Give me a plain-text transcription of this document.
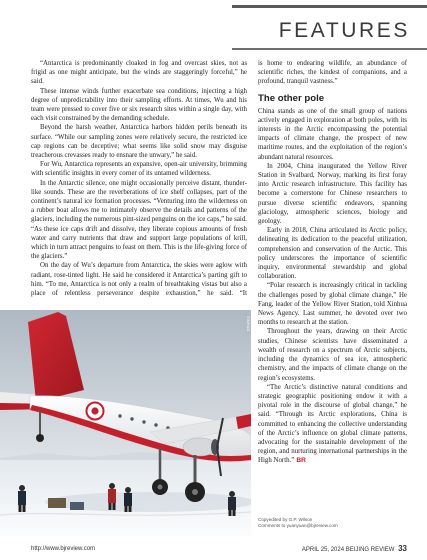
FEATURES

“Antarctica is predominantly cloaked in fog and overcast skies, not as frigid as one might anticipate, but the winds are staggeringly forceful,” he said.

These intense winds further exacerbate sea conditions, injecting a high degree of unpredictability into their sampling efforts. At times, Wu and his team were pressed to cover five or six research sites within a single day, with each visit constrained by the demanding schedule.

Beyond the harsh weather, Antarctica harbors hidden perils beneath its surface. “While our sampling zones were relatively secure, the restricted ice cap regions can be deceptive; what seems like solid snow may disguise treacherous crevasses ready to ensnare the unwary,” he said.

For Wu, Antarctica represents an expansive, open-air university, brimming with scientific insights in every corner of its untamed wilderness.

In the Antarctic silence, one might occasionally perceive distant, thunder-like sounds. These are the reverberations of ice shelf collapses, part of the continent’s natural ice formation processes. “Venturing into the wilderness on a rubber boat allows me to intimately observe the details and patterns of the glaciers, including the numerous pint-sized penguins on the ice caps,” he said. “As these ice caps drift and dissolve, they liberate copious amounts of fresh water and carry nutrients that draw and support large populations of krill, which in turn attract penguins to feast on them. This is the life-giving force of the glaciers.”

On the day of Wu’s departure from Antarctica, the skies were aglow with radiant, rose-tinted light. He said he considered it Antarctica’s parting gift to him. “To me, Antarctica is not only a realm of breathtaking vistas but also a place of relentless perseverance despite exhaustion,” he said. “It

XINHUA

is home to endearing wildlife, an abundance of scientific riches, the kindest of companions, and a profound, tranquil vastness.”

The other pole

China stands as one of the small group of nations actively engaged in exploration at both poles, with its interests in the Arctic encompassing the potential impacts of climate change, the prospect of new maritime routes, and the exploitation of the region’s abundant natural resources.

In 2004, China inaugurated the Yellow River Station in Svalbard, Norway, marking its first foray into Arctic research infrastructure. This facility has become a cornerstone for Chinese researchers to pursue diverse scientific endeavors, spanning glaciology, atmospheric sciences, biology and geology.

Early in 2018, China articulated its Arctic policy, delineating its dedication to the peaceful utilization, comprehension and conservation of the Arctic. This policy underscores the importance of scientific inquiry, environmental stewardship and global collaboration.

“Polar research is increasingly critical in tackling the challenges posed by global climate change,” He Fang, leader of the Yellow River Station, told Xinhua News Agency. Last summer, he devoted over two months to research at the station.

Throughout the years, drawing on their Arctic studies, Chinese scientists have disseminated a wealth of research on a spectrum of Arctic subjects, including the dynamics of sea ice, atmospheric chemistry, and the impacts of climate change on the region’s ecosystems.

“The Arctic’s distinctive natural conditions and strategic geographic positioning endow it with a pivotal role in the discourse of global change,” he said. “Through its Arctic explorations, China is committed to enhancing the collective understanding of the Arctic’s influence on global climate patterns, advocating for the sustainable development of the region, and nurturing international partnerships in the High North.” BR

Copyedited by G.P. Wilson
Comments to yuanyuan@bjreview.com
http://www.bjreview.com	APRIL 25, 2024 BEIJING REVIEW 33
